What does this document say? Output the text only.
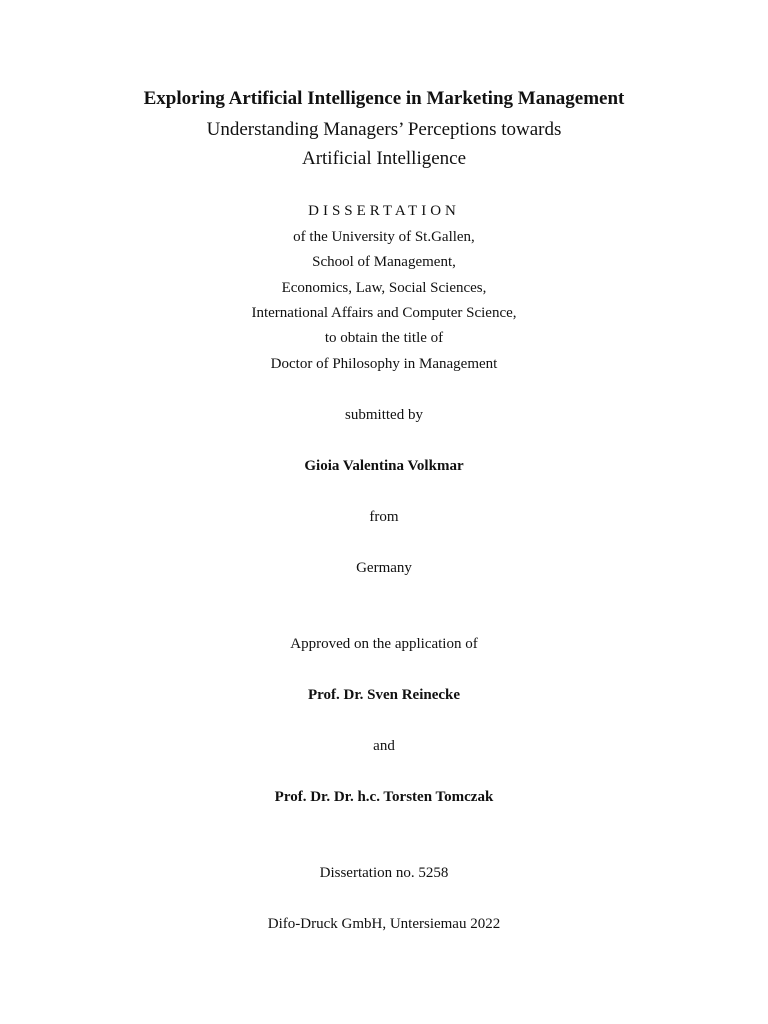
Exploring Artificial Intelligence in Marketing Management
Understanding Managers’ Perceptions towards
Artificial Intelligence
DISSERTATION
of the University of St.Gallen,
School of Management,
Economics, Law, Social Sciences,
International Affairs and Computer Science,
to obtain the title of
Doctor of Philosophy in Management
submitted by
Gioia Valentina Volkmar
from
Germany
Approved on the application of
Prof. Dr. Sven Reinecke
and
Prof. Dr. Dr. h.c. Torsten Tomczak
Dissertation no. 5258
Difo-Druck GmbH, Untersiemau 2022
